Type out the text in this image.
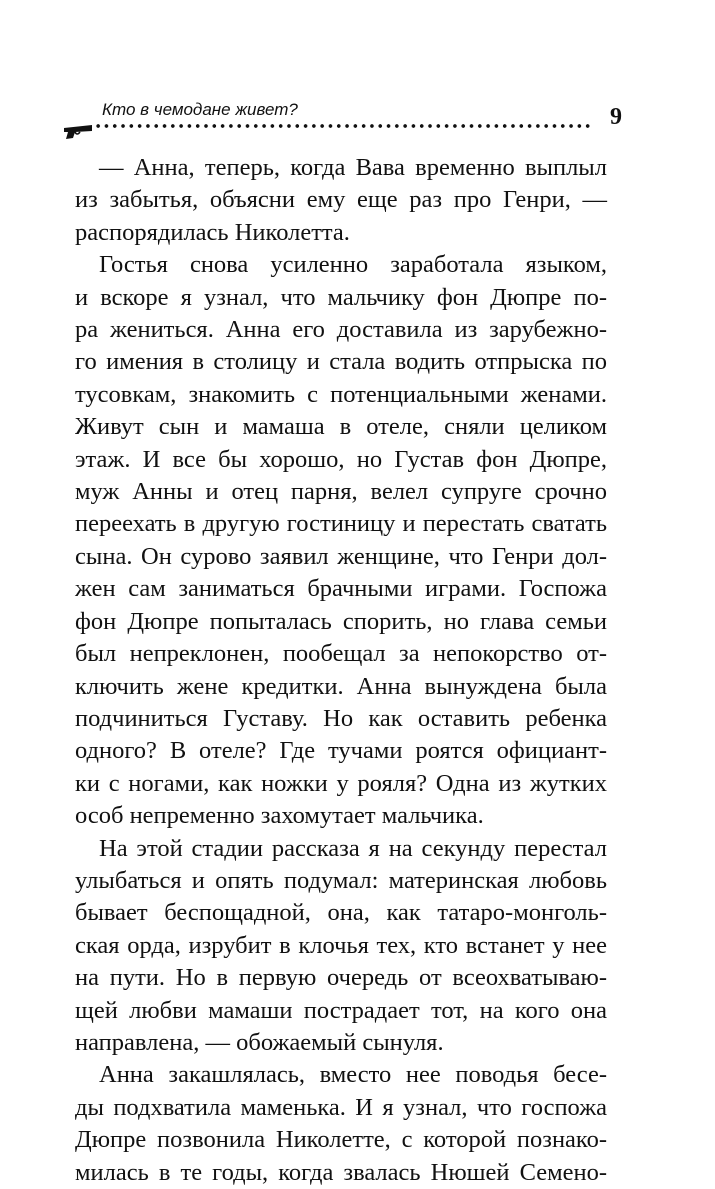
Кто в чемодане живет?	9

— Анна, теперь, когда Вава временно выплыл
из забытья, объясни ему еще раз про Генри, —
распорядилась Николетта.

Гостья снова усиленно заработала языком,
и вскоре я узнал, что мальчику фон Дюпре по-
ра жениться. Анна его доставила из зарубежно-
го имения в столицу и стала водить отпрыска по
тусовкам, знакомить с потенциальными женами.
Живут сын и мамаша в отеле, сняли целиком
этаж. И все бы хорошо, но Густав фон Дюпре,
муж Анны и отец парня, велел супруге срочно
переехать в другую гостиницу и перестать сватать
сына. Он сурово заявил женщине, что Генри дол-
жен сам заниматься брачными играми. Госпожа
фон Дюпре попыталась спорить, но глава семьи
был непреклонен, пообещал за непокорство от-
ключить жене кредитки. Анна вынуждена была
подчиниться Густаву. Но как оставить ребенка
одного? В отеле? Где тучами роятся официант-
ки с ногами, как ножки у рояля? Одна из жутких
особ непременно захомутает мальчика.

На этой стадии рассказа я на секунду перестал
улыбаться и опять подумал: материнская любовь
бывает беспощадной, она, как татаро-монголь-
ская орда, изрубит в клочья тех, кто встанет у нее
на пути. Но в первую очередь от всеохватываю-
щей любви мамаши пострадает тот, на кого она
направлена, — обожаемый сынуля.

Анна закашлялась, вместо нее поводья бесе-
ды подхватила маменька. И я узнал, что госпожа
Дюпре позвонила Николетте, с которой познако-
милась в те годы, когда звалась Нюшей Семено-
